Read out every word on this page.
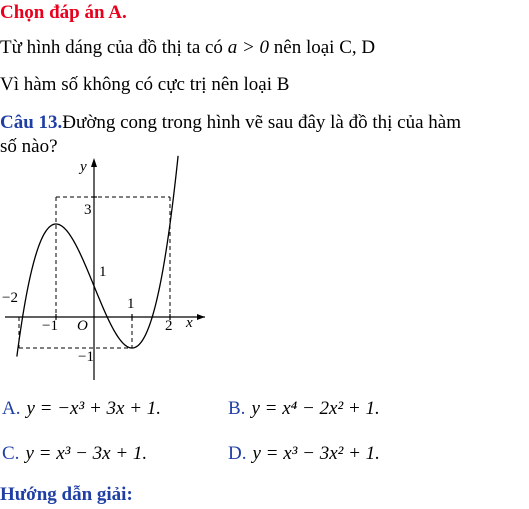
Chọn đáp án A.
Từ hình dáng của đồ thị ta có a > 0 nên loại C, D
Vì hàm số không có cực trị nên loại B
Câu 13.Đường cong trong hình vẽ sau đây là đồ thị của hàm
số nào?
y
x
O
−2
−1
1
2
3
1
−1
A. y = −x³ + 3x + 1.	B. y = x⁴ − 2x² + 1.
C. y = x³ − 3x + 1.	D. y = x³ − 3x² + 1.
Hướng dẫn giải:
